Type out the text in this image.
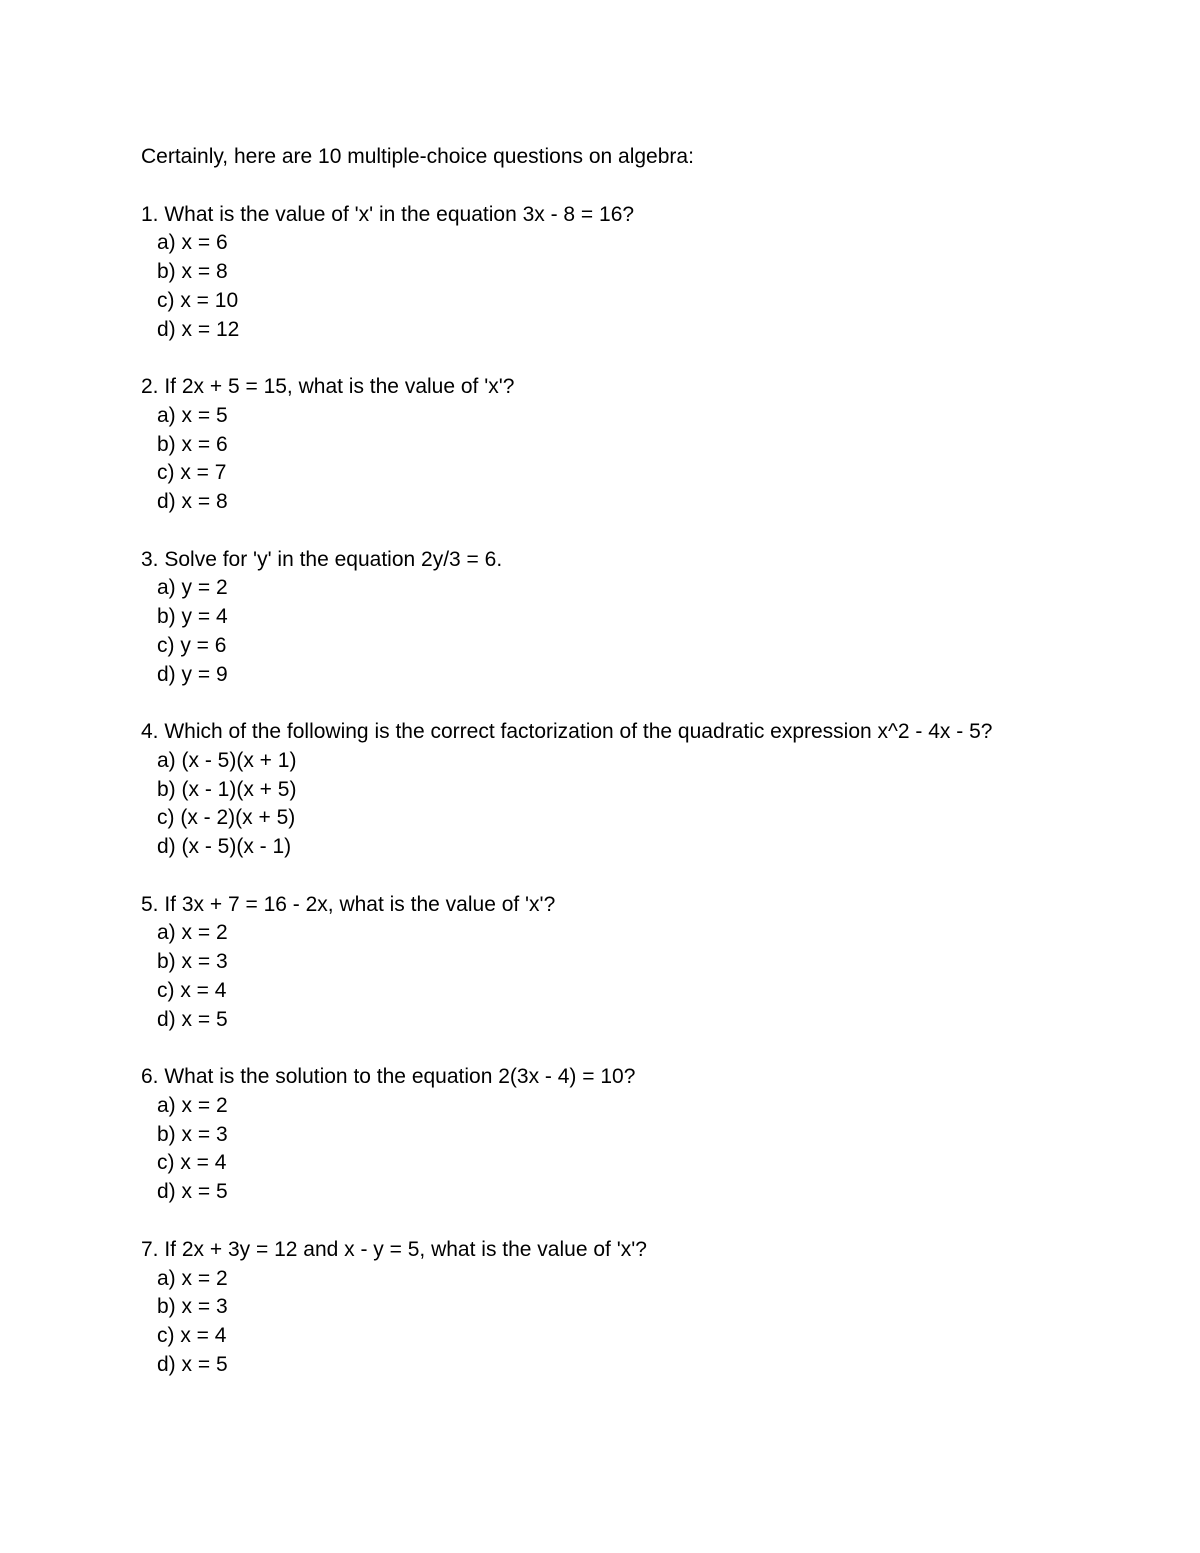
Certainly, here are 10 multiple-choice questions on algebra:
1. What is the value of 'x' in the equation 3x - 8 = 16?
a) x = 6
b) x = 8
c) x = 10
d) x = 12
2. If 2x + 5 = 15, what is the value of 'x'?
a) x = 5
b) x = 6
c) x = 7
d) x = 8
3. Solve for 'y' in the equation 2y/3 = 6.
a) y = 2
b) y = 4
c) y = 6
d) y = 9
4. Which of the following is the correct factorization of the quadratic expression x^2 - 4x - 5?
a) (x - 5)(x + 1)
b) (x - 1)(x + 5)
c) (x - 2)(x + 5)
d) (x - 5)(x - 1)
5. If 3x + 7 = 16 - 2x, what is the value of 'x'?
a) x = 2
b) x = 3
c) x = 4
d) x = 5
6. What is the solution to the equation 2(3x - 4) = 10?
a) x = 2
b) x = 3
c) x = 4
d) x = 5
7. If 2x + 3y = 12 and x - y = 5, what is the value of 'x'?
a) x = 2
b) x = 3
c) x = 4
d) x = 5
